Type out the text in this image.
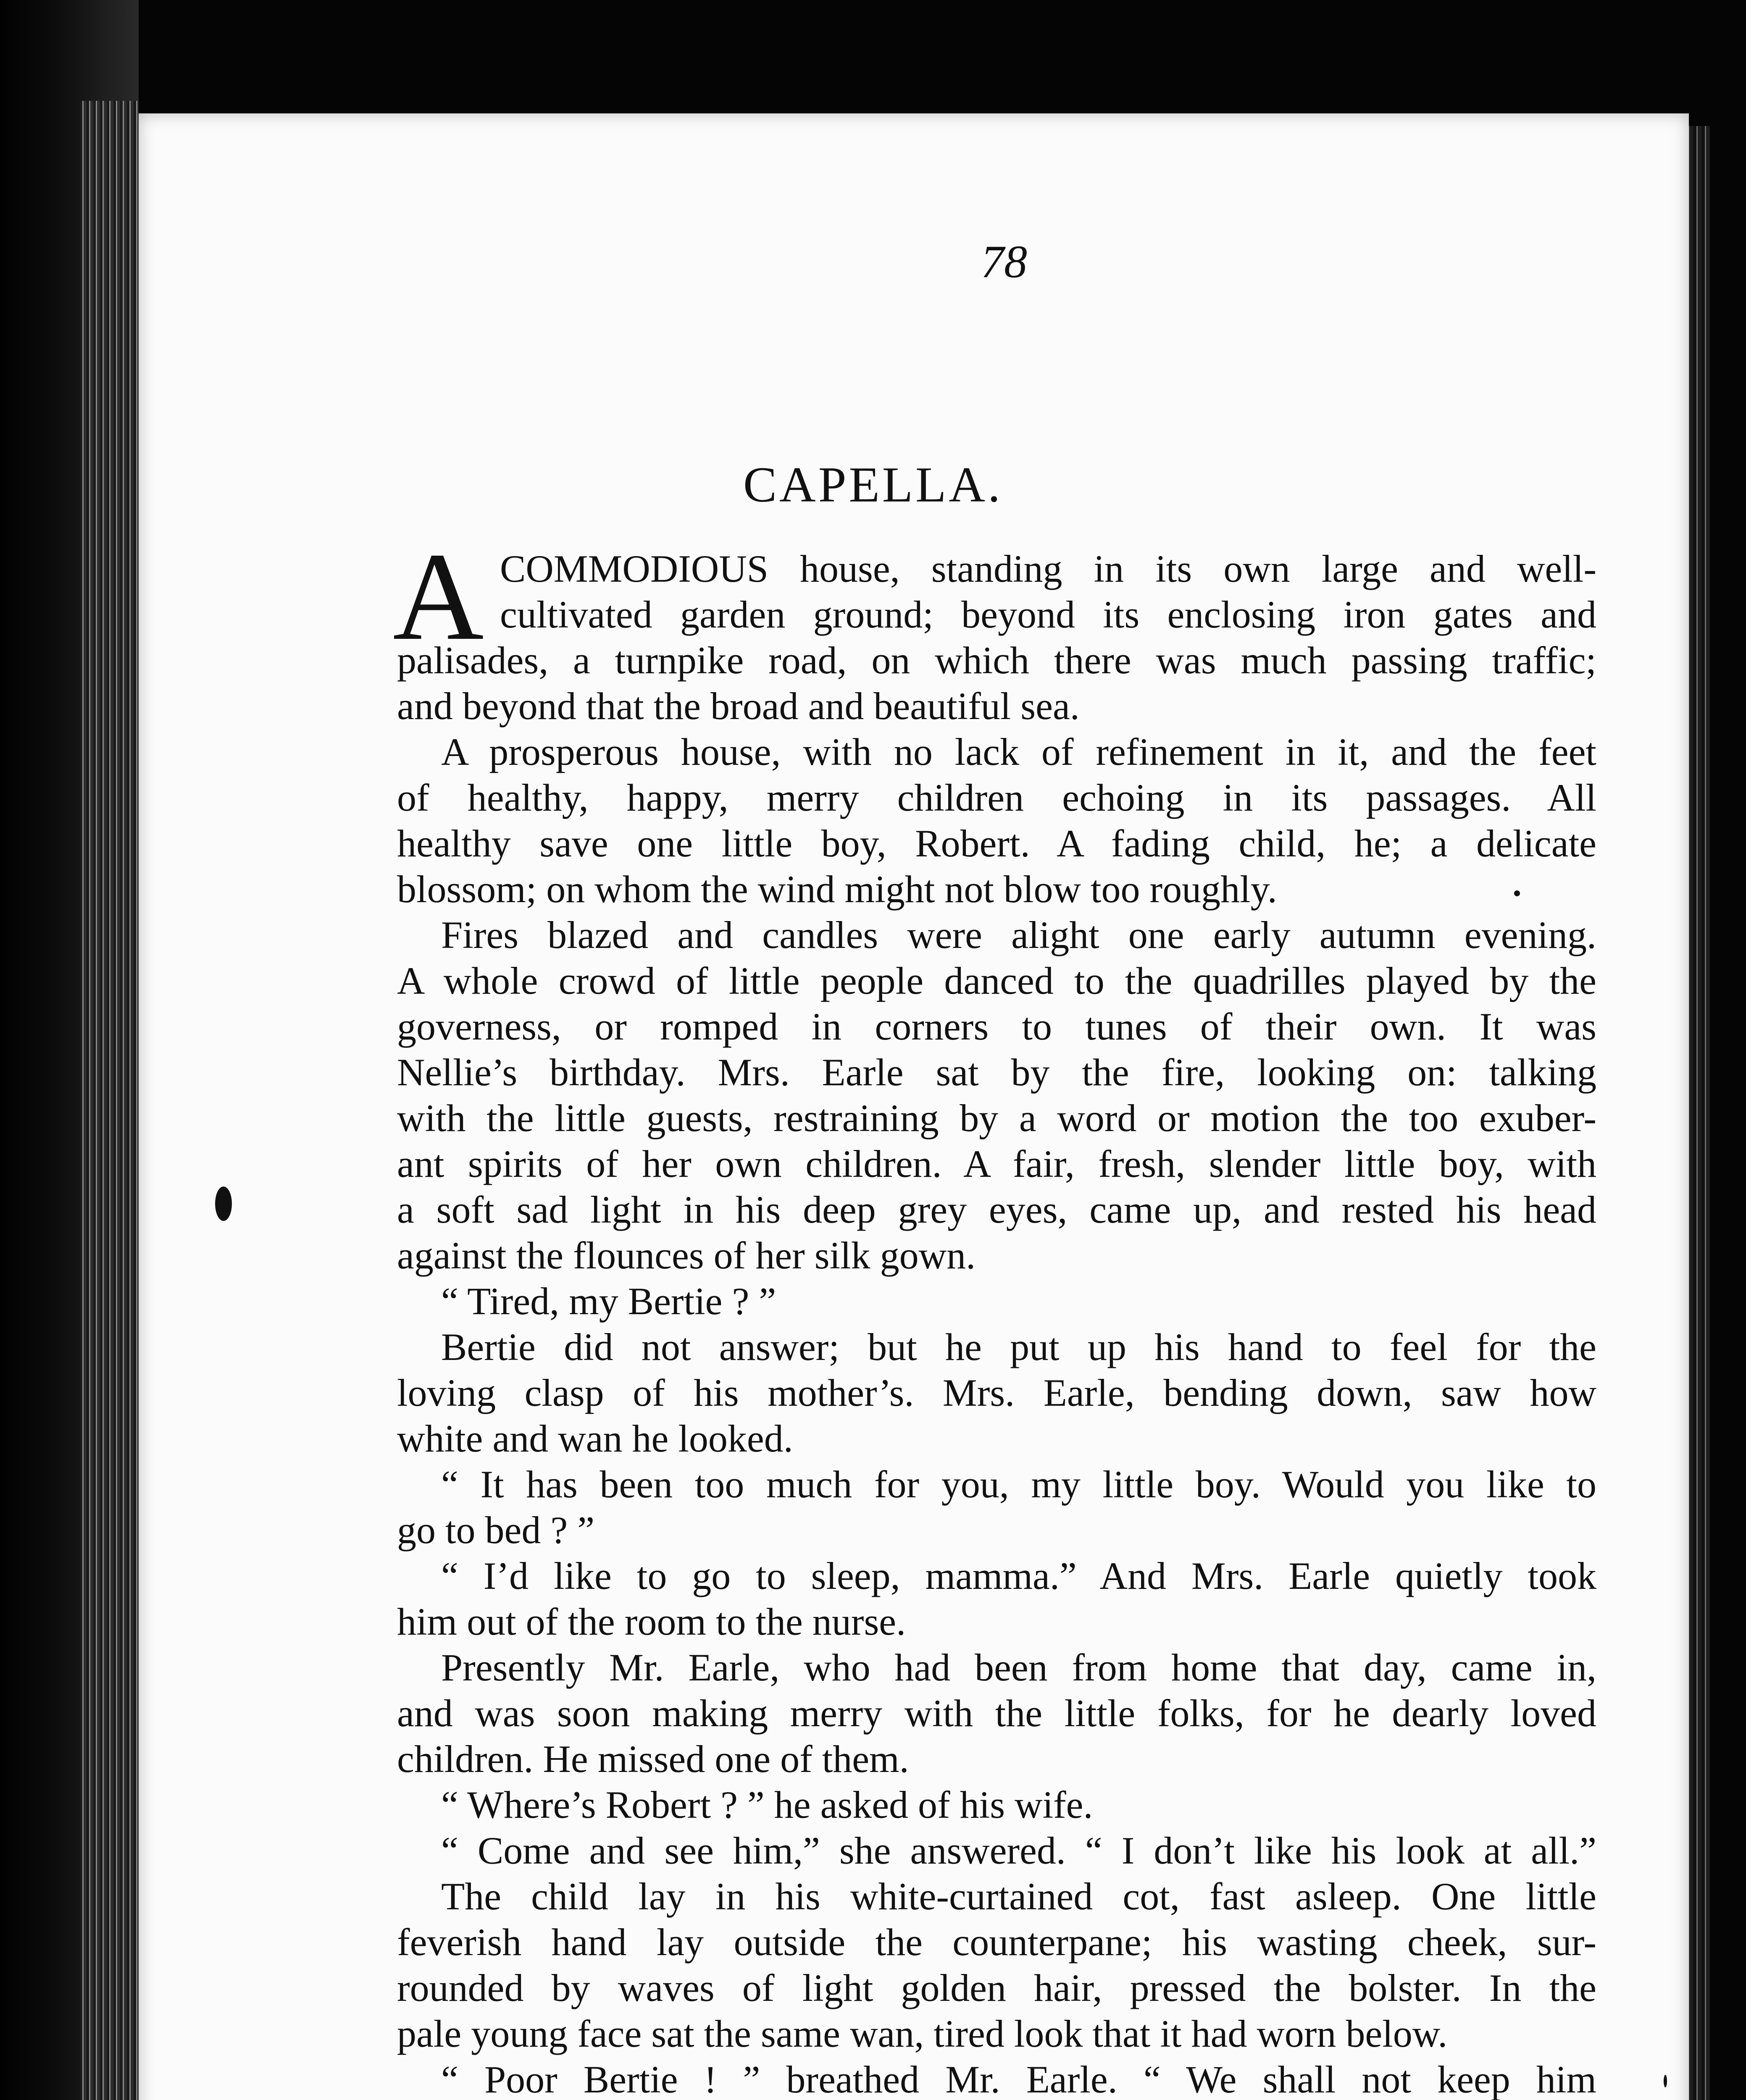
78
CAPELLA.
A COMMODIOUS house, standing in its own large and well-
cultivated garden ground; beyond its enclosing iron gates and
palisades, a turnpike road, on which there was much passing traffic;
and beyond that the broad and beautiful sea.
A prosperous house, with no lack of refinement in it, and the feet
of healthy, happy, merry children echoing in its passages. All
healthy save one little boy, Robert. A fading child, he; a delicate
blossom; on whom the wind might not blow too roughly.
Fires blazed and candles were alight one early autumn evening.
A whole crowd of little people danced to the quadrilles played by the
governess, or romped in corners to tunes of their own. It was
Nellie’s birthday. Mrs. Earle sat by the fire, looking on: talking
with the little guests, restraining by a word or motion the too exuber-
ant spirits of her own children. A fair, fresh, slender little boy, with
a soft sad light in his deep grey eyes, came up, and rested his head
against the flounces of her silk gown.
“ Tired, my Bertie ? ”
Bertie did not answer; but he put up his hand to feel for the
loving clasp of his mother’s. Mrs. Earle, bending down, saw how
white and wan he looked.
“ It has been too much for you, my little boy. Would you like to
go to bed ? ”
“ I’d like to go to sleep, mamma.” And Mrs. Earle quietly took
him out of the room to the nurse.
Presently Mr. Earle, who had been from home that day, came in,
and was soon making merry with the little folks, for he dearly loved
children. He missed one of them.
“ Where’s Robert ? ” he asked of his wife.
“ Come and see him,” she answered. “ I don’t like his look at all.”
The child lay in his white-curtained cot, fast asleep. One little
feverish hand lay outside the counterpane; his wasting cheek, sur-
rounded by waves of light golden hair, pressed the bolster. In the
pale young face sat the same wan, tired look that it had worn below.
“ Poor Bertie ! ” breathed Mr. Earle. “ We shall not keep him
